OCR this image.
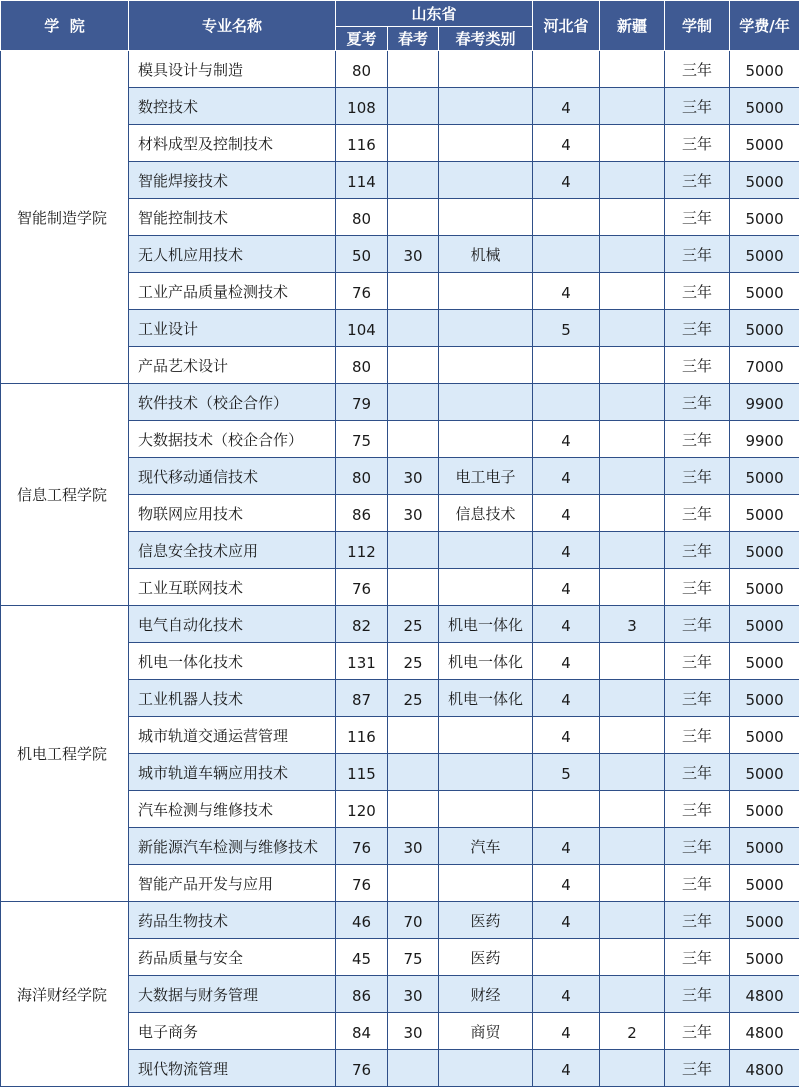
学  院	专业名称	山东省			河北省	新疆	学制	学费/年
		夏考	春考	春考类别				
智能制造学院	模具设计与制造	80					三年	5000
	数控技术	108			4		三年	5000
	材料成型及控制技术	116			4		三年	5000
	智能焊接技术	114			4		三年	5000
	智能控制技术	80					三年	5000
	无人机应用技术	50	30	机械			三年	5000
	工业产品质量检测技术	76			4		三年	5000
	工业设计	104			5		三年	5000
	产品艺术设计	80					三年	7000
信息工程学院	软件技术（校企合作）	79					三年	9900
	大数据技术（校企合作）	75			4		三年	9900
	现代移动通信技术	80	30	电工电子	4		三年	5000
	物联网应用技术	86	30	信息技术	4		三年	5000
	信息安全技术应用	112			4		三年	5000
	工业互联网技术	76			4		三年	5000
机电工程学院	电气自动化技术	82	25	机电一体化	4	3	三年	5000
	机电一体化技术	131	25	机电一体化	4		三年	5000
	工业机器人技术	87	25	机电一体化	4		三年	5000
	城市轨道交通运营管理	116			4		三年	5000
	城市轨道车辆应用技术	115			5		三年	5000
	汽车检测与维修技术	120					三年	5000
	新能源汽车检测与维修技术	76	30	汽车	4		三年	5000
	智能产品开发与应用	76			4		三年	5000
海洋财经学院	药品生物技术	46	70	医药	4		三年	5000
	药品质量与安全	45	75	医药			三年	5000
	大数据与财务管理	86	30	财经	4		三年	4800
	电子商务	84	30	商贸	4	2	三年	4800
	现代物流管理	76			4		三年	4800
